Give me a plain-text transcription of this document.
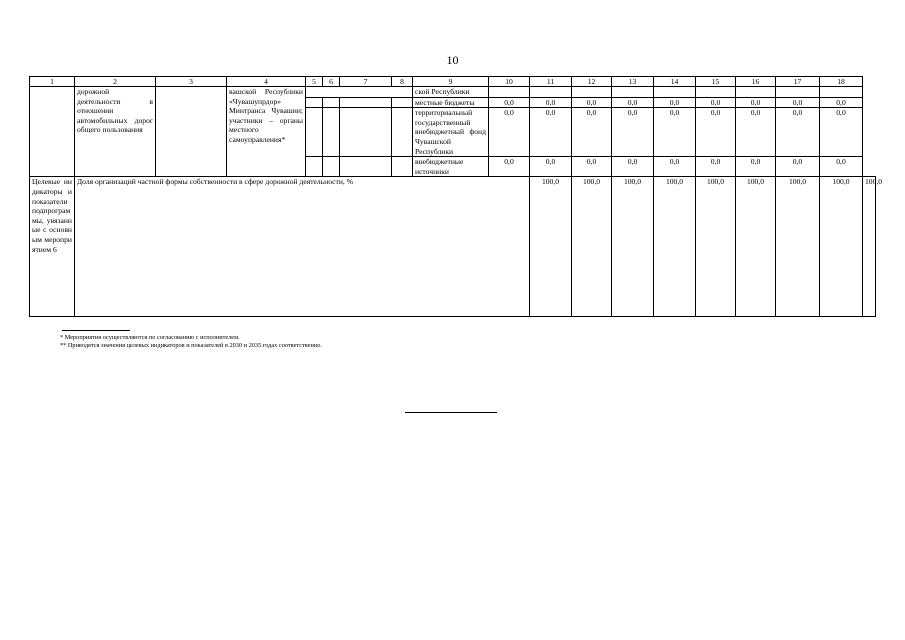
10
1	2	3	4	5	6	7	8	9	10	11	12	13	14	15	16	17	18	
	дорожной деятельности в отношении автомобильных дорог общего пользования		вашской Республики «Чувашупрдор» Минтранса Чувашии; участники – органы местного самоуправления*					ской Республики										
								местные бюджеты	0,0	0,0	0,0	0,0	0,0	0,0	0,0	0,0	0,0	
								территориальный государственный внебюджетный фонд Чувашской Республики	0,0	0,0	0,0	0,0	0,0	0,0	0,0	0,0	0,0	
								внебюджетные источники	0,0	0,0	0,0	0,0	0,0	0,0	0,0	0,0	0,0	
Целевые индикаторы и показатели подпрограммы, увязанные с основным мероприятием 6	Доля организаций частной формы собственности в сфере дорожной деятельности, %									100,0	100,0	100,0	100,0	100,0	100,0	100,0	100,0	100,0
* Мероприятия осуществляются по согласованию с исполнителем.
** Приводятся значения целевых индикаторов и показателей в 2030 и 2035 годах соответственно.
